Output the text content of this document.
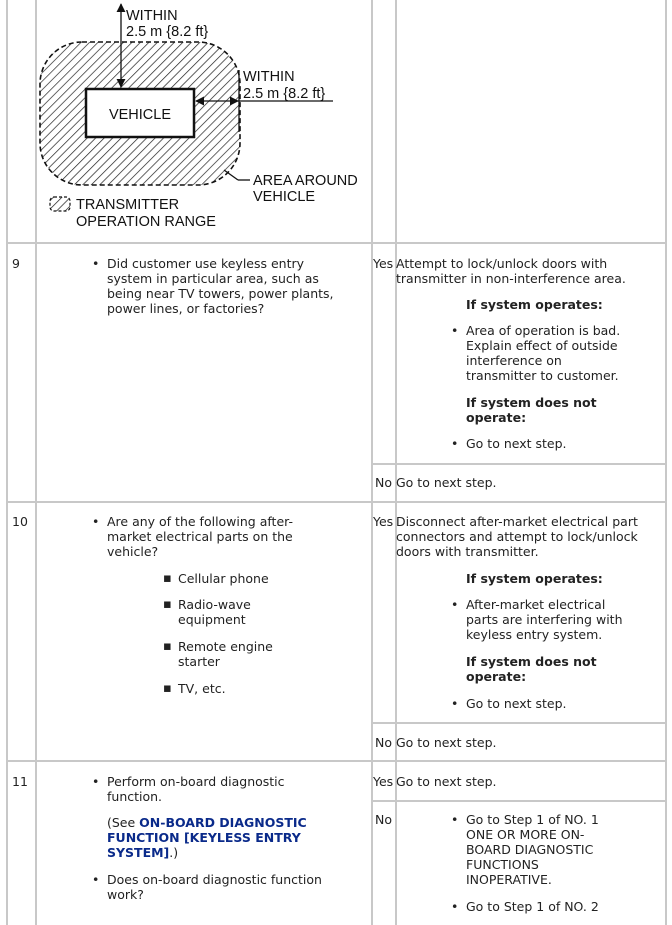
VEHICLE
WITHIN
2.5 m {8.2 ft}
WITHIN
2.5 m {8.2 ft}
AREA AROUND
VEHICLE
TRANSMITTER
OPERATION RANGE
9	• Did customer use keyless entry
system in particular area, such as
being near TV towers, power plants,
power lines, or factories?
Yes Attempt to lock/unlock doors with
transmitter in non-interference area.
If system operates:
• Area of operation is bad.
Explain effect of outside
interference on
transmitter to customer.
If system does not
operate:
• Go to next step.
No Go to next step.
10	• Are any of the following after-
market electrical parts on the
vehicle?
▪ Cellular phone
▪ Radio-wave
equipment
▪ Remote engine
starter
▪ TV, etc.
Yes Disconnect after-market electrical part
connectors and attempt to lock/unlock
doors with transmitter.
If system operates:
• After-market electrical
parts are interfering with
keyless entry system.
If system does not
operate:
• Go to next step.
No Go to next step.
11	• Perform on-board diagnostic
function.
(See ON-BOARD DIAGNOSTIC
FUNCTION [KEYLESS ENTRY
SYSTEM].)
• Does on-board diagnostic function
work?
Yes Go to next step.
No	• Go to Step 1 of NO. 1
ONE OR MORE ON-
BOARD DIAGNOSTIC
FUNCTIONS
INOPERATIVE.
• Go to Step 1 of NO. 2
